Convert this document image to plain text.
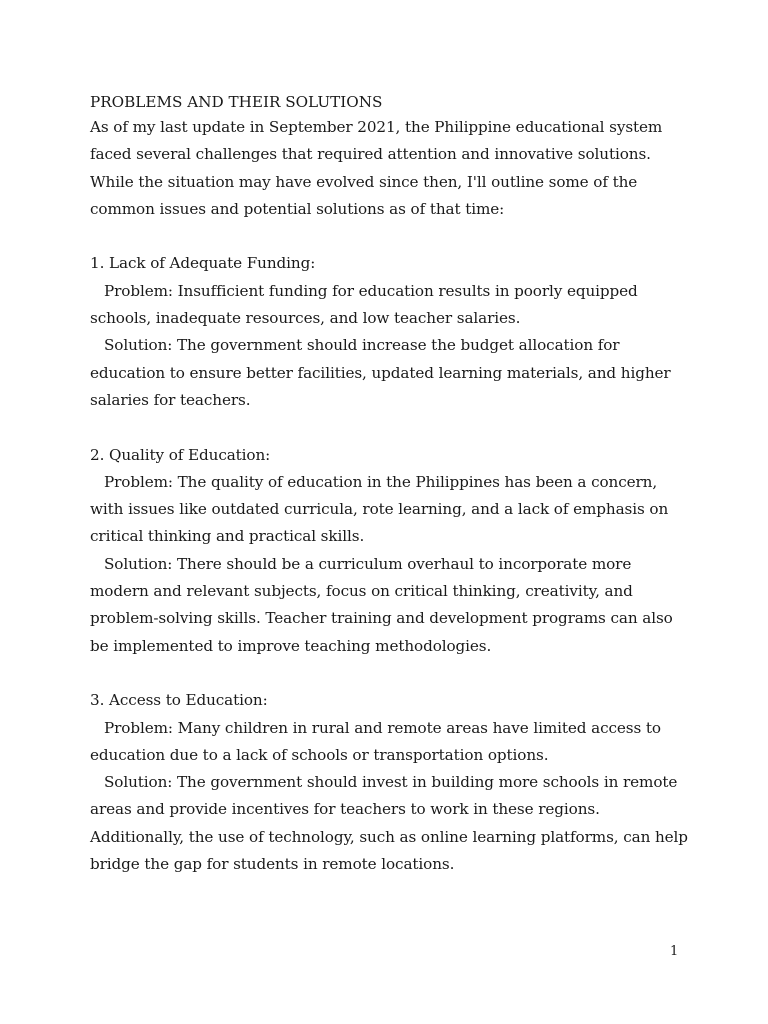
PROBLEMS AND THEIR SOLUTIONS

As of my last update in September 2021, the Philippine educational system faced several challenges that required attention and innovative solutions. While the situation may have evolved since then, I'll outline some of the common issues and potential solutions as of that time:

1. Lack of Adequate Funding:

Problem: Insufficient funding for education results in poorly equipped schools, inadequate resources, and low teacher salaries.

Solution: The government should increase the budget allocation for education to ensure better facilities, updated learning materials, and higher salaries for teachers.

2. Quality of Education:

Problem: The quality of education in the Philippines has been a concern, with issues like outdated curricula, rote learning, and a lack of emphasis on critical thinking and practical skills.

Solution: There should be a curriculum overhaul to incorporate more modern and relevant subjects, focus on critical thinking, creativity, and problem-solving skills. Teacher training and development programs can also be implemented to improve teaching methodologies.

3. Access to Education:

Problem: Many children in rural and remote areas have limited access to education due to a lack of schools or transportation options.

Solution: The government should invest in building more schools in remote areas and provide incentives for teachers to work in these regions. Additionally, the use of technology, such as online learning platforms, can help bridge the gap for students in remote locations.

1
